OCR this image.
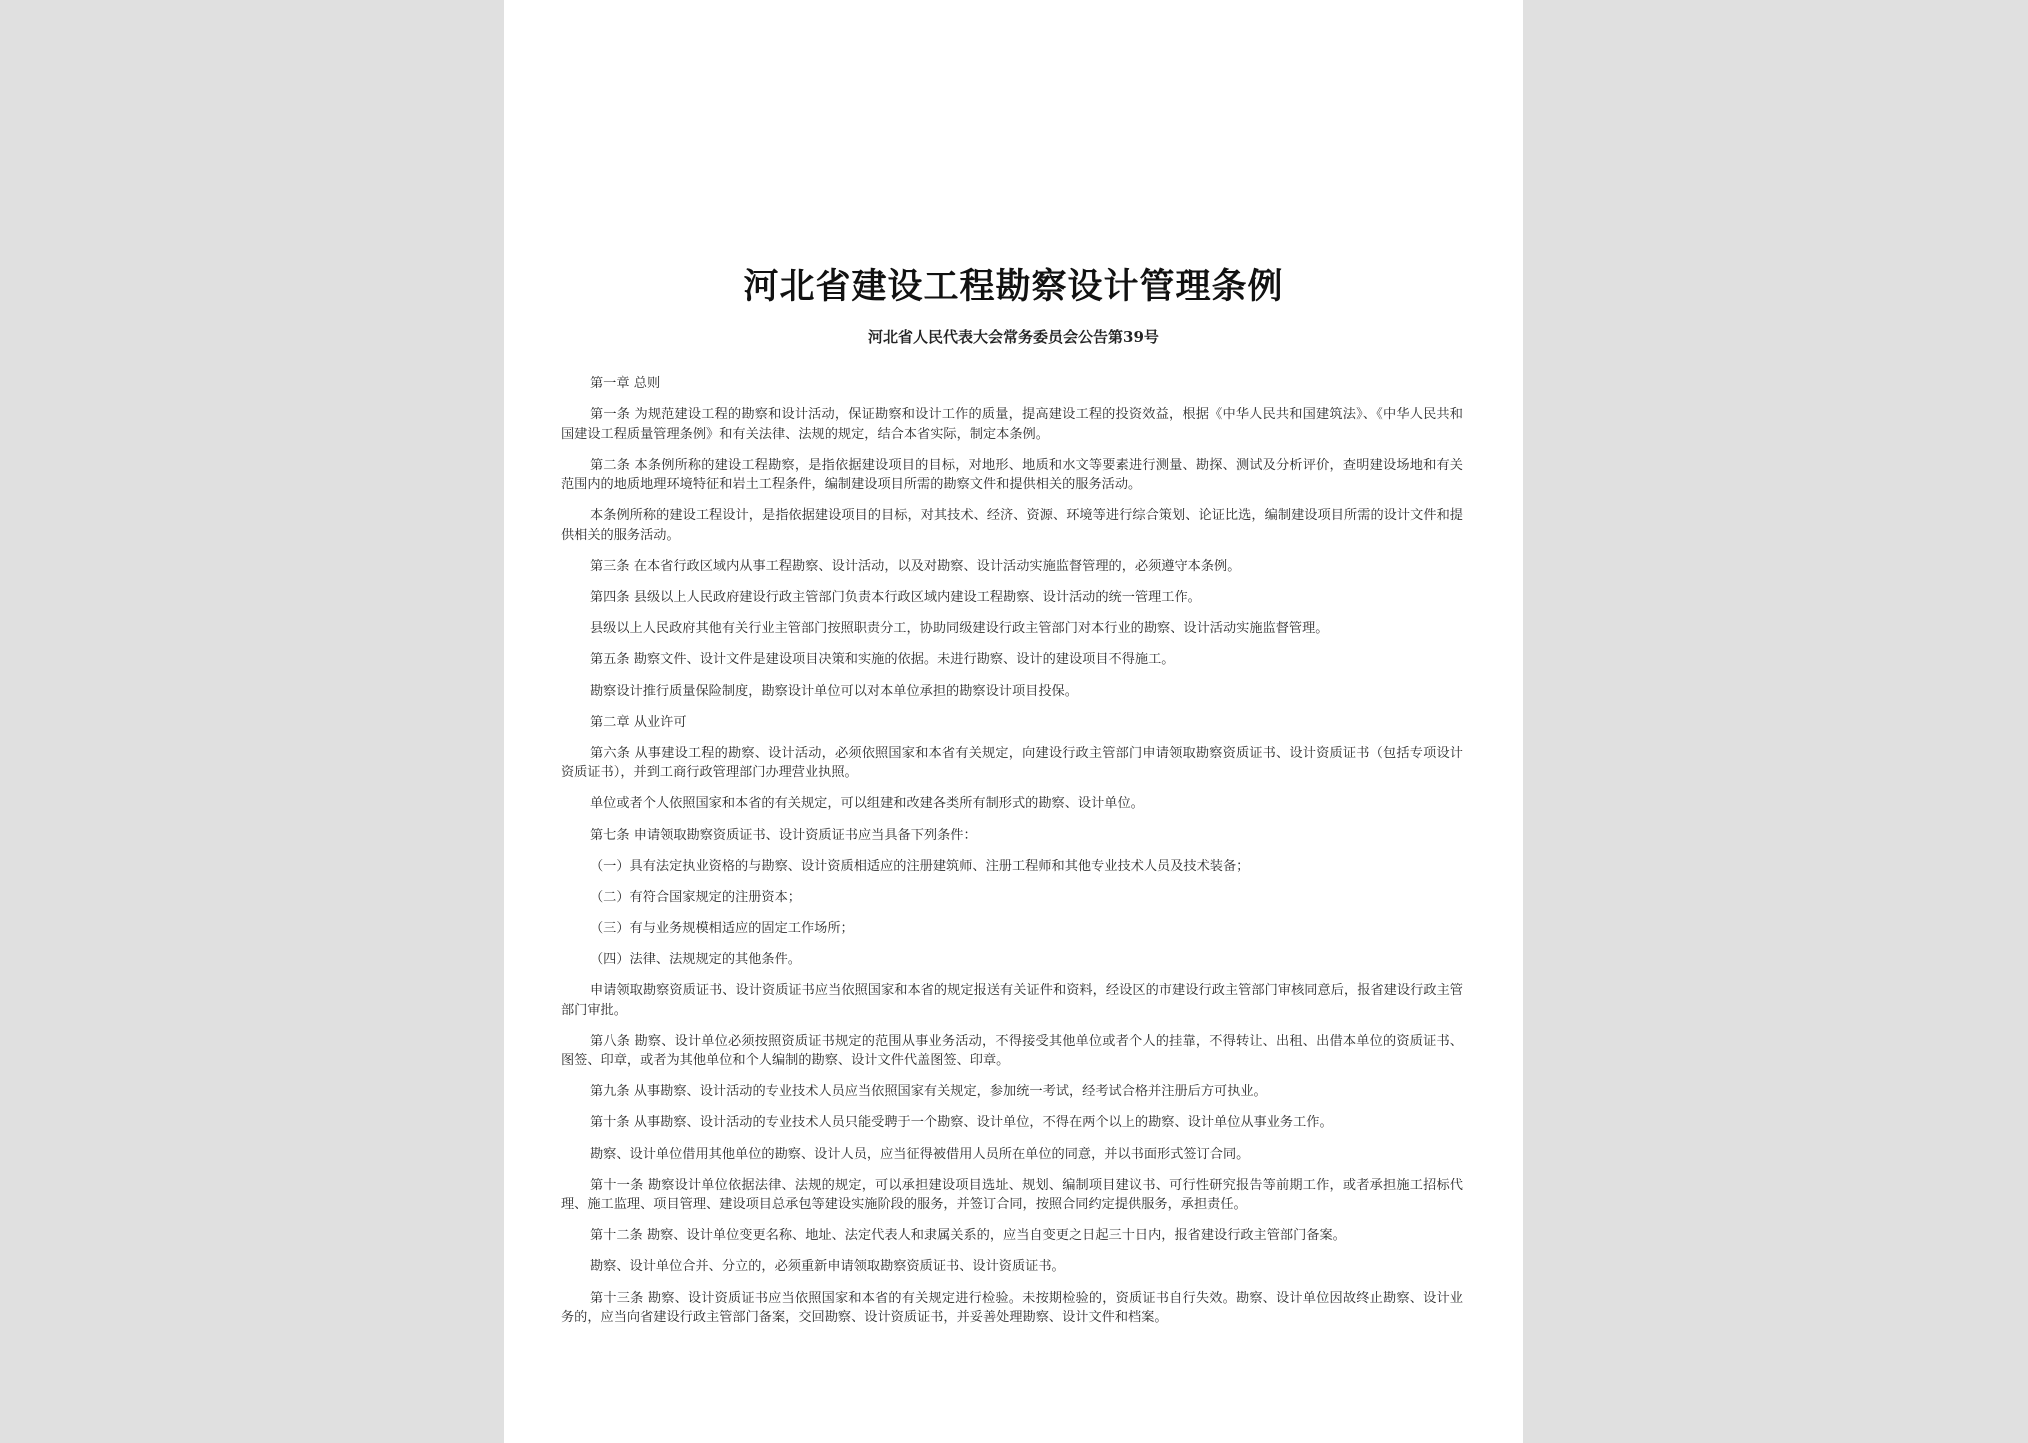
河北省建设工程勘察设计管理条例
河北省人民代表大会常务委员会公告第39号

第一章 总则

第一条 为规范建设工程的勘察和设计活动，保证勘察和设计工作的质量，提高建设工程的投资效益，根据《中华人民共和国建筑法》、《中华人民共和国建设工程质量管理条例》和有关法律、法规的规定，结合本省实际，制定本条例。

第二条 本条例所称的建设工程勘察，是指依据建设项目的目标，对地形、地质和水文等要素进行测量、勘探、测试及分析评价，查明建设场地和有关范围内的地质地理环境特征和岩土工程条件，编制建设项目所需的勘察文件和提供相关的服务活动。

本条例所称的建设工程设计，是指依据建设项目的目标，对其技术、经济、资源、环境等进行综合策划、论证比选，编制建设项目所需的设计文件和提供相关的服务活动。

第三条 在本省行政区域内从事工程勘察、设计活动，以及对勘察、设计活动实施监督管理的，必须遵守本条例。

第四条 县级以上人民政府建设行政主管部门负责本行政区域内建设工程勘察、设计活动的统一管理工作。

县级以上人民政府其他有关行业主管部门按照职责分工，协助同级建设行政主管部门对本行业的勘察、设计活动实施监督管理。

第五条 勘察文件、设计文件是建设项目决策和实施的依据。未进行勘察、设计的建设项目不得施工。

勘察设计推行质量保险制度，勘察设计单位可以对本单位承担的勘察设计项目投保。

第二章 从业许可

第六条 从事建设工程的勘察、设计活动，必须依照国家和本省有关规定，向建设行政主管部门申请领取勘察资质证书、设计资质证书（包括专项设计资质证书），并到工商行政管理部门办理营业执照。

单位或者个人依照国家和本省的有关规定，可以组建和改建各类所有制形式的勘察、设计单位。

第七条 申请领取勘察资质证书、设计资质证书应当具备下列条件：

（一）具有法定执业资格的与勘察、设计资质相适应的注册建筑师、注册工程师和其他专业技术人员及技术装备；

（二）有符合国家规定的注册资本；

（三）有与业务规模相适应的固定工作场所；

（四）法律、法规规定的其他条件。

申请领取勘察资质证书、设计资质证书应当依照国家和本省的规定报送有关证件和资料，经设区的市建设行政主管部门审核同意后，报省建设行政主管部门审批。

第八条 勘察、设计单位必须按照资质证书规定的范围从事业务活动，不得接受其他单位或者个人的挂靠，不得转让、出租、出借本单位的资质证书、图签、印章，或者为其他单位和个人编制的勘察、设计文件代盖图签、印章。

第九条 从事勘察、设计活动的专业技术人员应当依照国家有关规定，参加统一考试，经考试合格并注册后方可执业。

第十条 从事勘察、设计活动的专业技术人员只能受聘于一个勘察、设计单位，不得在两个以上的勘察、设计单位从事业务工作。

勘察、设计单位借用其他单位的勘察、设计人员，应当征得被借用人员所在单位的同意，并以书面形式签订合同。

第十一条 勘察设计单位依据法律、法规的规定，可以承担建设项目选址、规划、编制项目建议书、可行性研究报告等前期工作，或者承担施工招标代理、施工监理、项目管理、建设项目总承包等建设实施阶段的服务，并签订合同，按照合同约定提供服务，承担责任。

第十二条 勘察、设计单位变更名称、地址、法定代表人和隶属关系的，应当自变更之日起三十日内，报省建设行政主管部门备案。

勘察、设计单位合并、分立的，必须重新申请领取勘察资质证书、设计资质证书。

第十三条 勘察、设计资质证书应当依照国家和本省的有关规定进行检验。未按期检验的，资质证书自行失效。勘察、设计单位因故终止勘察、设计业务的，应当向省建设行政主管部门备案，交回勘察、设计资质证书，并妥善处理勘察、设计文件和档案。
